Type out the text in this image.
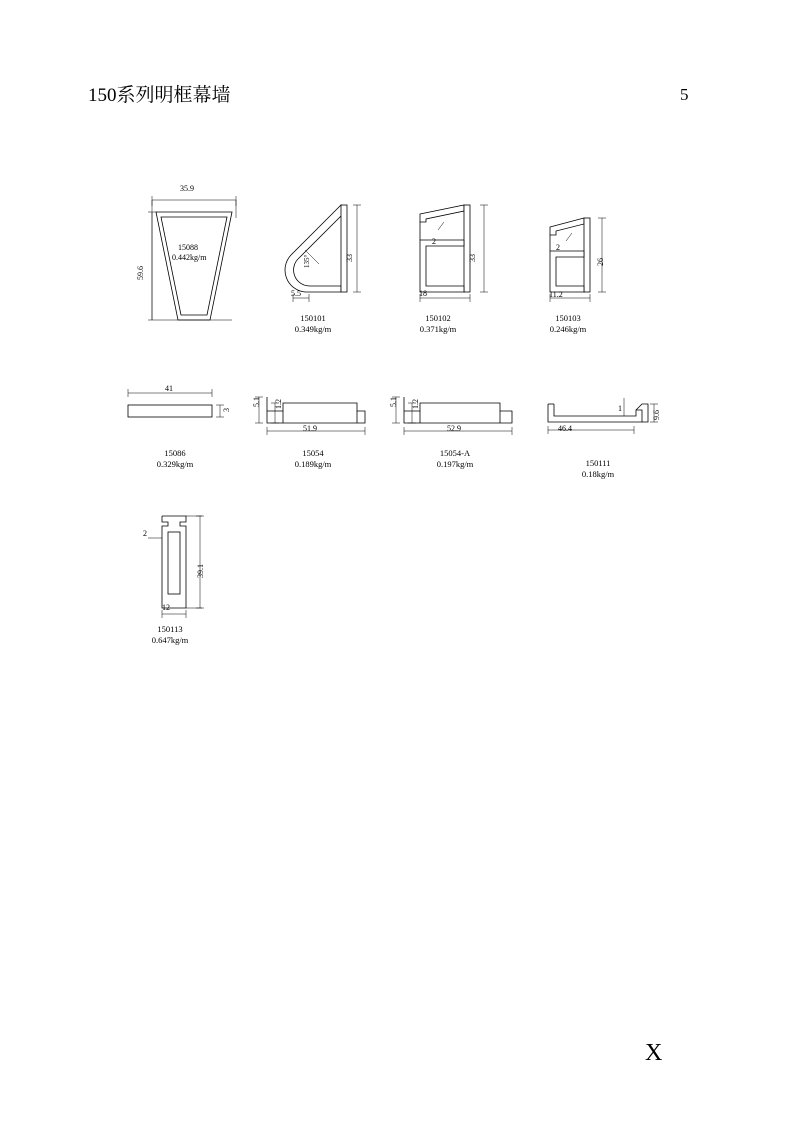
150系列明框幕墙	5
35.9
59.6
15088
0.442kg/m	135°
5.5
33
150101
0.349kg/m
2
18
33
150102
0.371kg/m
2
11.2
26
150103
0.246kg/m
41
3
15086
0.329kg/m
5.1 1.2
51.9
15054
0.189kg/m
5.1 1.2
52.9
15054-A
0.197kg/m
1
46.4
9.6
150111
0.18kg/m
2
39.1
12
150113
0.647kg/m
X
